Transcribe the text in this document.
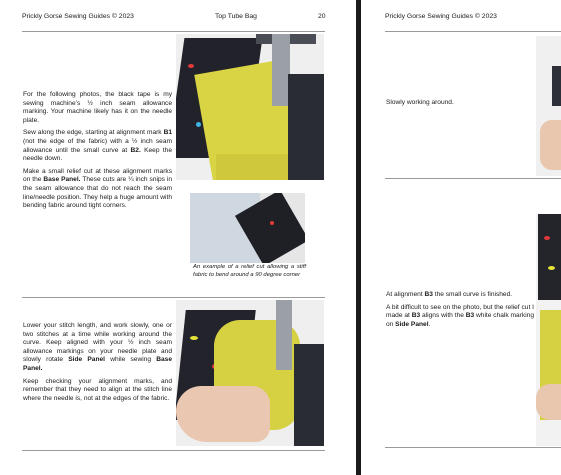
Prickly Gorse Sewing Guides © 2023	Top Tube Bag	20

For the following photos, the black tape is my sewing machine’s ½ inch seam allowance marking. Your machine likely has it on the needle plate.

Sew along the edge, starting at alignment mark B1 (not the edge of the fabric) with a ½ inch seam allowance until the small curve at B2. Keep the needle down.

Make a small relief cut at these alignment marks on the Base Panel. These cuts are ¼ inch snips in the seam allowance that do not reach the seam line/needle position. They help a huge amount with bending fabric around tight corners.

An example of a relief cut allowing a stiff fabric to bend around a 90 degree corner

Lower your stitch length, and work slowly, one or two stitches at a time while working around the curve. Keep aligned with your ½ inch seam allowance markings on your needle plate and slowly rotate Side Panel while sewing Base Panel.

Keep checking your alignment marks, and remember that they need to align at the stitch line where the needle is, not at the edges of the fabric.

Prickly Gorse Sewing Guides © 2023

Slowly working around.

At alignment B3 the small curve is finished.

A bit difficult to see on the photo, but the relief cut I made at B3 aligns with the B3 white chalk marking on Side Panel.
